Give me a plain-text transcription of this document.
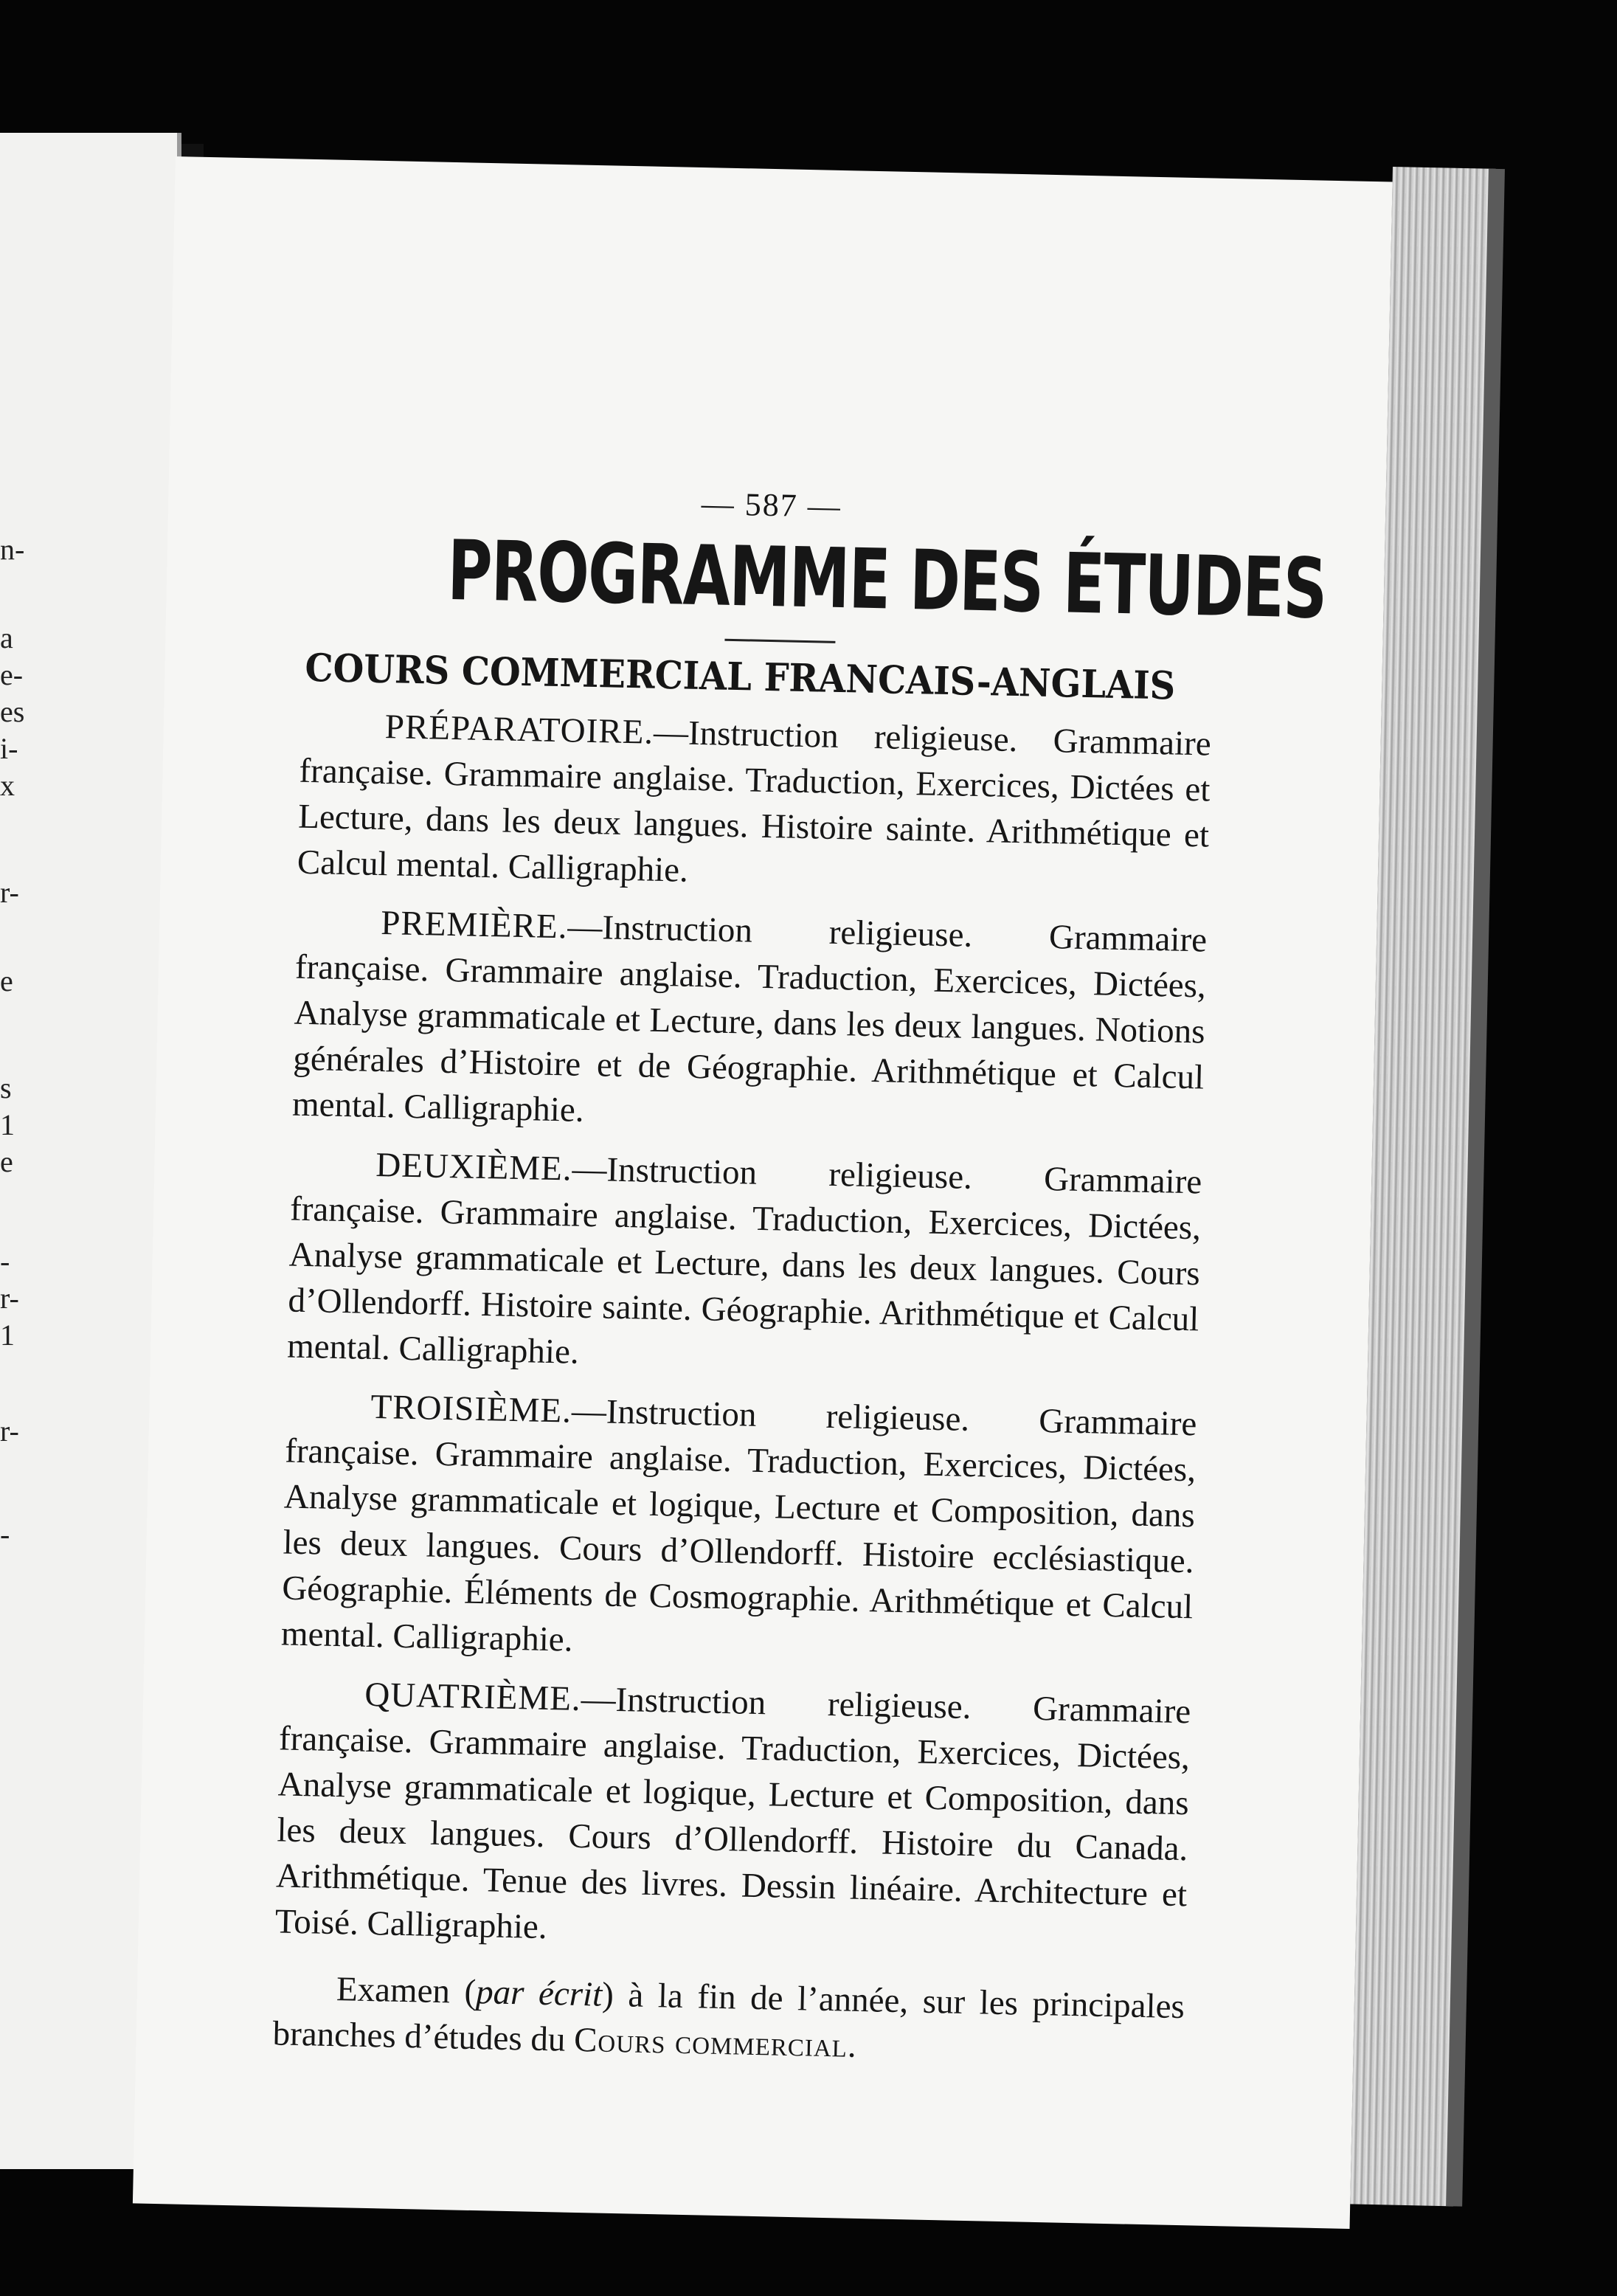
n-
a
e-
es
i-
x
r-
e
s
1
e
-
r-
1
r-
-
— 587 —
PROGRAMME DES ÉTUDES
COURS COMMERCIAL FRANCAIS-ANGLAIS

PRÉPARATOIRE.—Instruction religieuse. Grammaire française. Grammaire anglaise. Traduction, Exercices, Dictées et Lecture, dans les deux langues. Histoire sainte. Arithmétique et Calcul mental. Calligraphie.

PREMIÈRE.—Instruction religieuse. Grammaire française. Grammaire anglaise. Traduction, Exercices, Dictées, Analyse grammaticale et Lecture, dans les deux langues. Notions générales d’Histoire et de Géographie. Arithmétique et Calcul mental. Calligraphie.

DEUXIÈME.—Instruction religieuse. Grammaire française. Grammaire anglaise. Traduction, Exercices, Dictées, Analyse grammaticale et Lecture, dans les deux langues. Cours d’Ollendorff. Histoire sainte. Géographie. Arithmétique et Calcul mental. Calligraphie.

TROISIÈME.—Instruction religieuse. Grammaire française. Grammaire anglaise. Traduction, Exercices, Dictées, Analyse grammaticale et logique, Lecture et Composition, dans les deux langues. Cours d’Ollendorff. Histoire ecclésiastique. Géographie. Éléments de Cosmographie. Arithmétique et Calcul mental. Calligraphie.

QUATRIÈME.—Instruction religieuse. Grammaire française. Grammaire anglaise. Traduction, Exercices, Dictées, Analyse grammaticale et logique, Lecture et Composition, dans les deux langues. Cours d’Ollendorff. Histoire du Canada. Arithmétique. Tenue des livres. Dessin linéaire. Architecture et Toisé. Calligraphie.

Examen (par écrit) à la fin de l’année, sur les principales branches d’études du Cours commercial.
